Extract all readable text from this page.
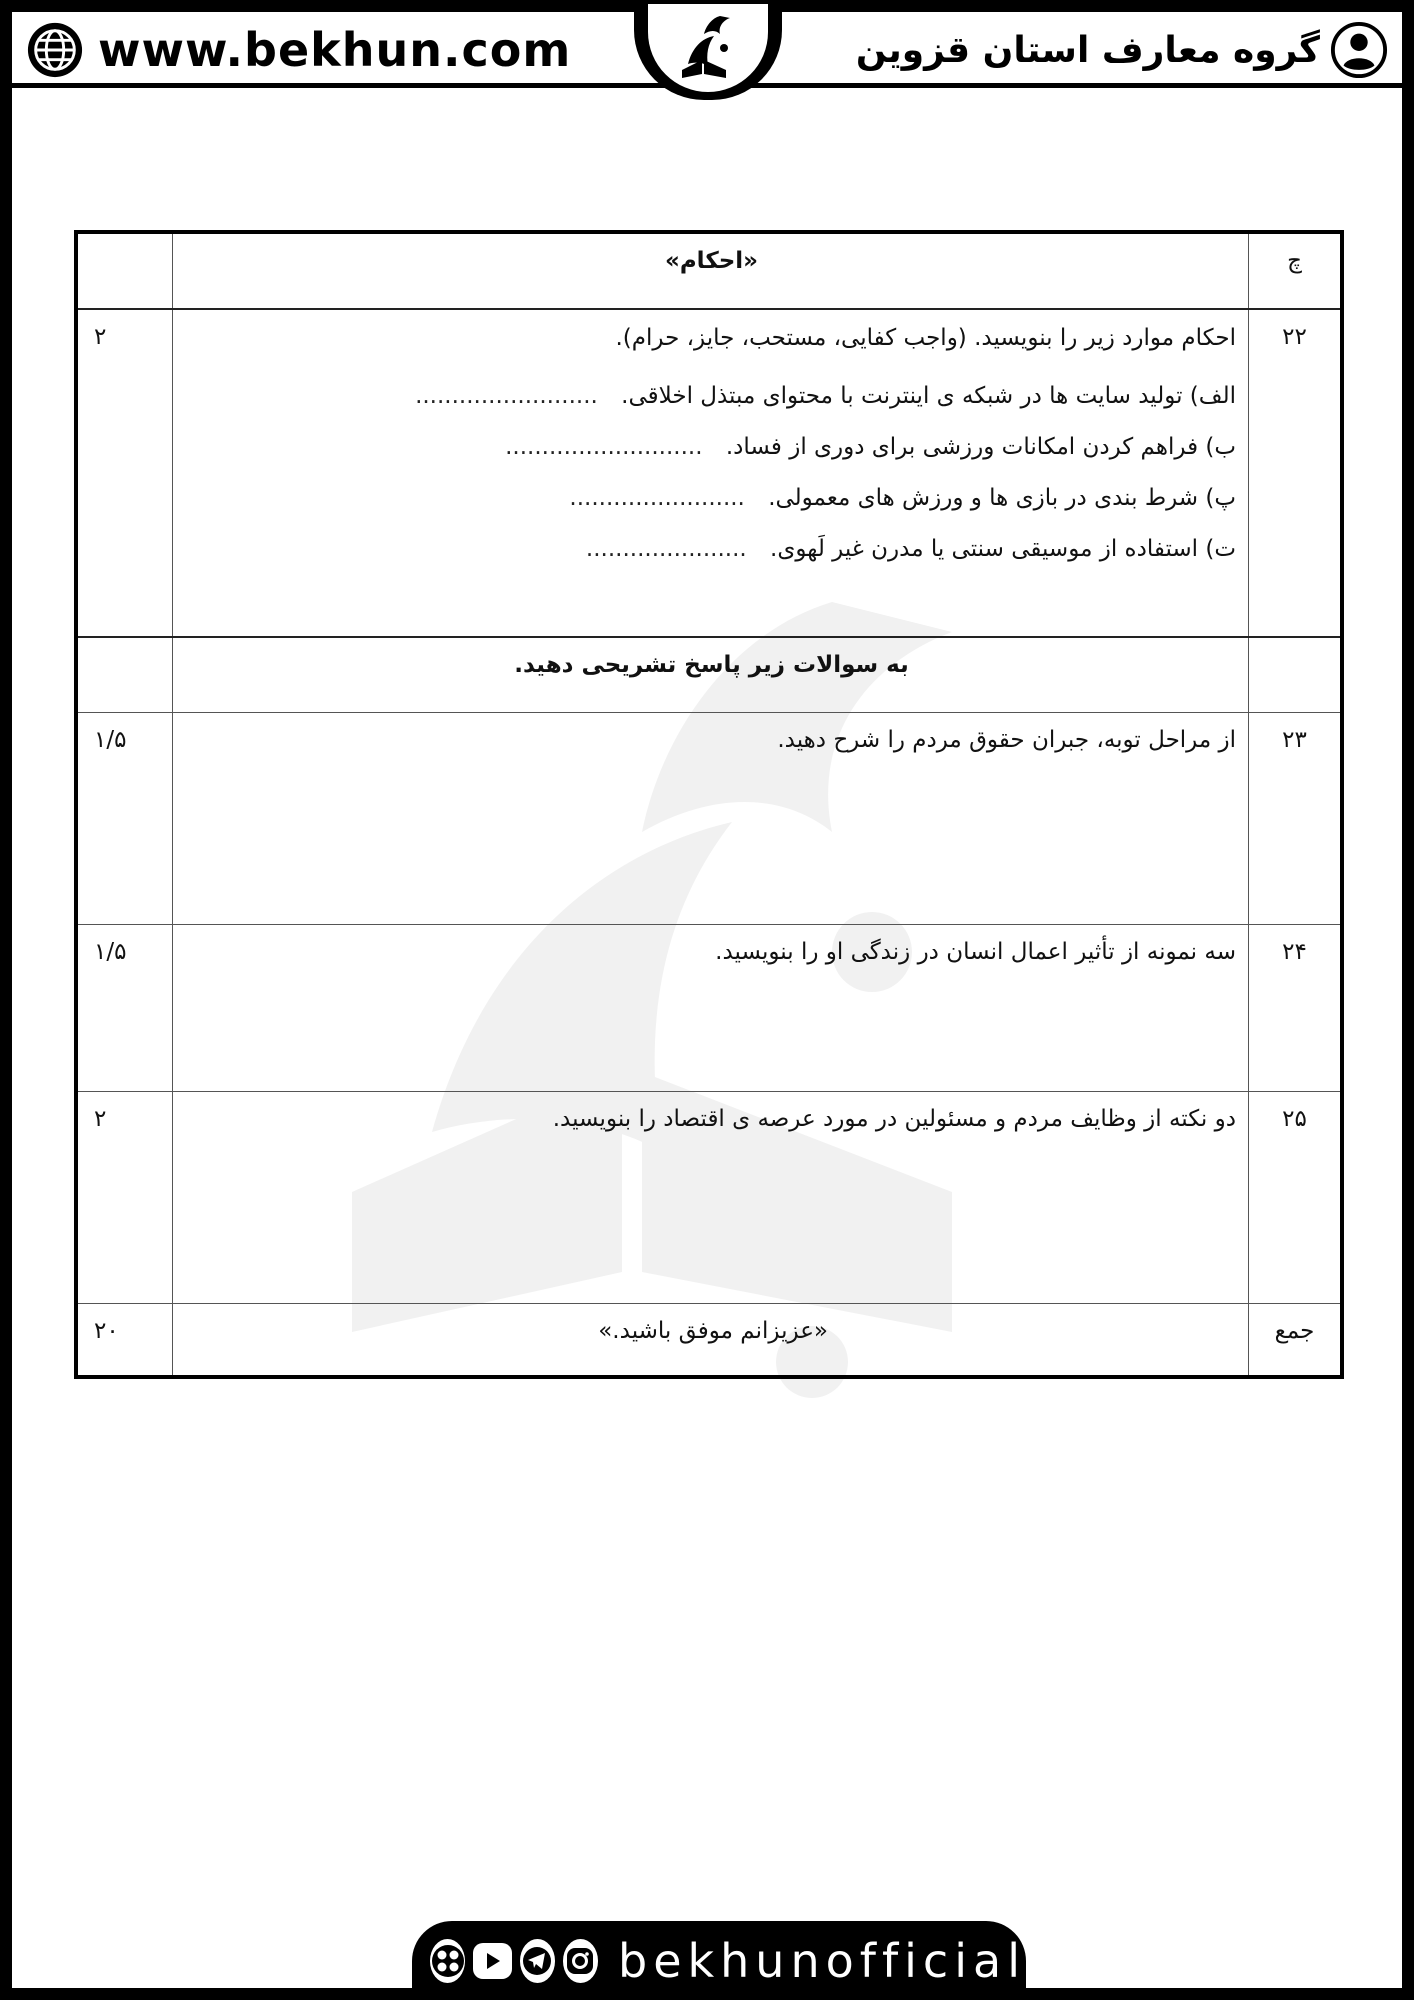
www.bekhun.com	گروه معارف استان قزوین
چ
«احکام»
۲۲
احکام موارد زیر را بنویسید. (واجب کفایی، مستحب، جایز، حرام).
الف) تولید سایت ها در شبکه ی اینترنت با محتوای مبتذل اخلاقی. .........................
ب) فراهم کردن امکانات ورزشی برای دوری از فساد. ...........................
پ) شرط بندی در بازی ها و ورزش های معمولی. ........................
ت) استفاده از موسیقی سنتی یا مدرن غیر لَهوی. ......................
۲
به سوالات زیر پاسخ تشریحی دهید.
۲۳
از مراحل توبه، جبران حقوق مردم را شرح دهید.
۱/۵
۲۴
سه نمونه از تأثیر اعمال انسان در زندگی او را بنویسید.
۱/۵
۲۵
دو نکته از وظایف مردم و مسئولین در مورد عرصه ی اقتصاد را بنویسید.
۲
جمع
«عزیزانم موفق باشید.»
۲۰
bekhunofficial
